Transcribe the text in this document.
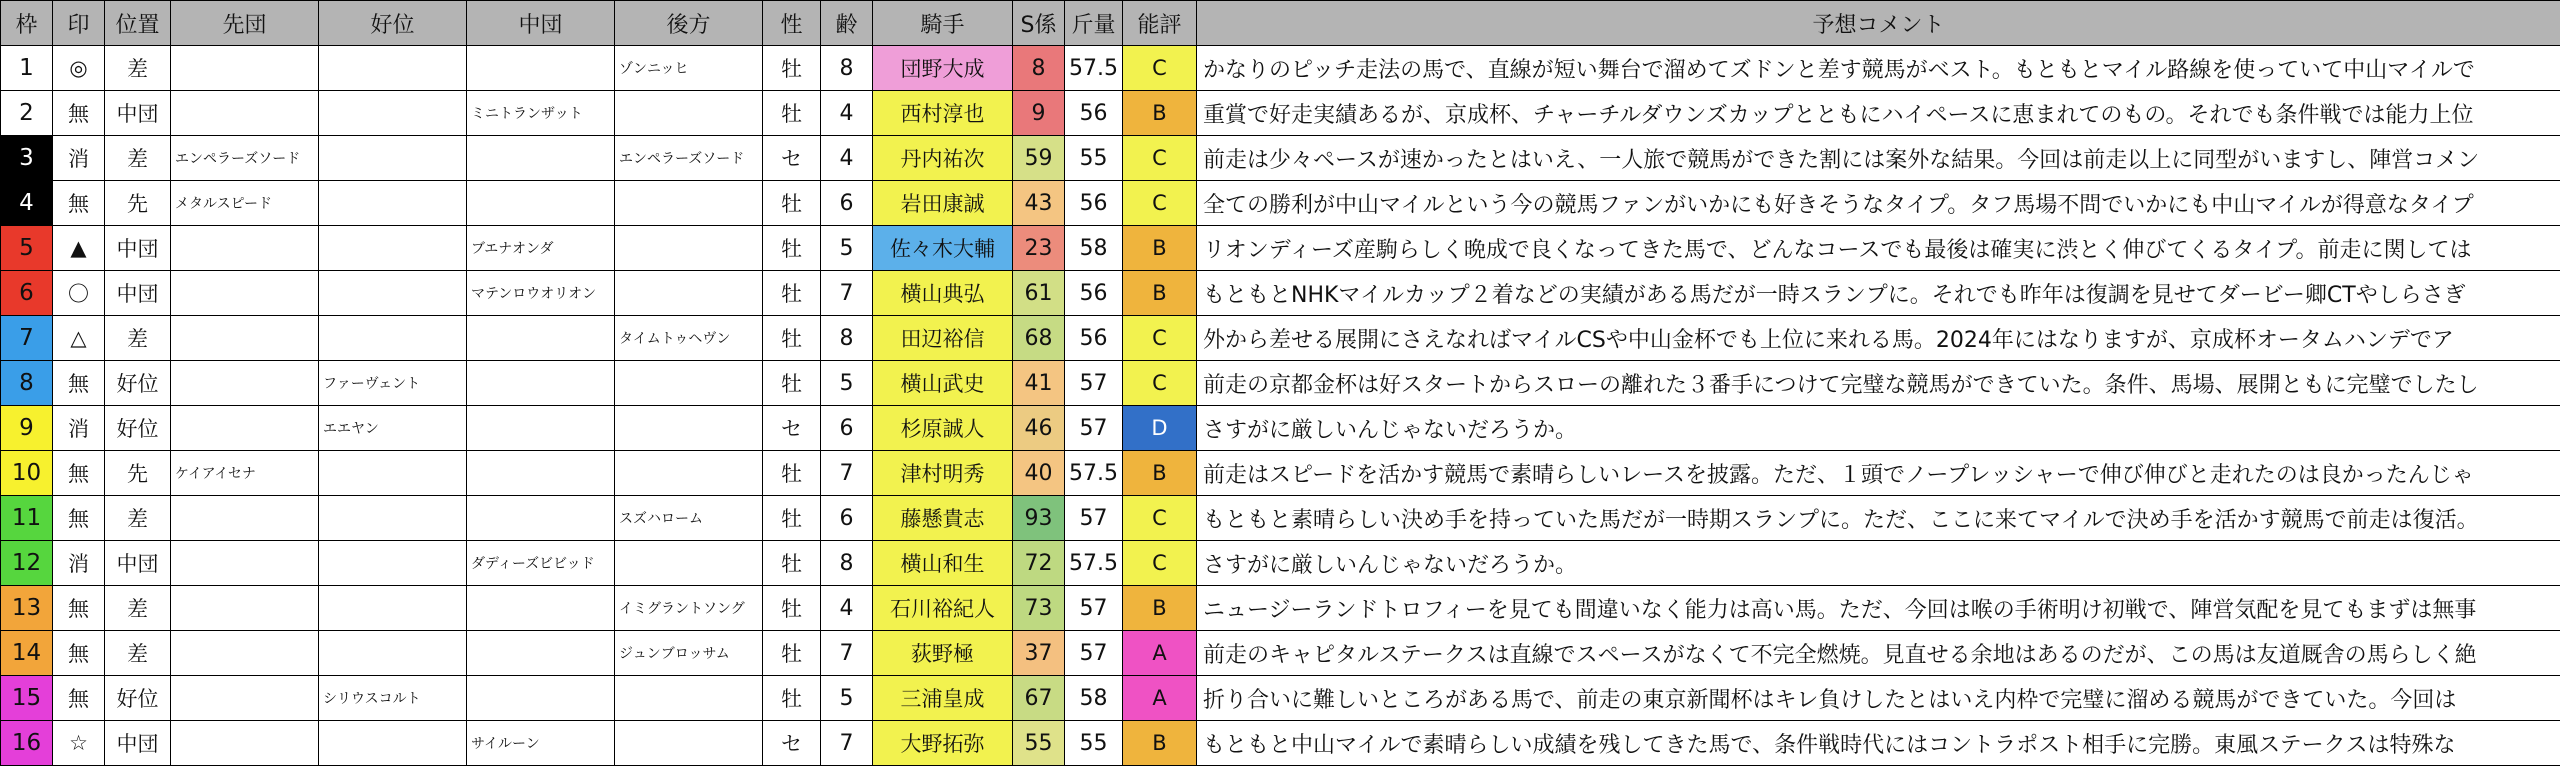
枠	印	位置	先団	好位	中団	後方	性	齢	騎手	S係	斤量	能評	予想コメント
1	◎	差				ゾンニッヒ	牡	8	団野大成	8	57.5	C	かなりのピッチ走法の馬で、直線が短い舞台で溜めてズドンと差す競馬がベスト。もともとマイル路線を使っていて中山マイルで
2	無	中団			ミニトランザット		牡	4	西村淳也	9	56	B	重賞で好走実績あるが、京成杯、チャーチルダウンズカップとともにハイペースに恵まれてのもの。それでも条件戦では能力上位
3	消	差	エンペラーズソード			エンペラーズソード	セ	4	丹内祐次	59	55	C	前走は少々ペースが速かったとはいえ、一人旅で競馬ができた割には案外な結果。今回は前走以上に同型がいますし、陣営コメン
4	無	先	メタルスピード				牡	6	岩田康誠	43	56	C	全ての勝利が中山マイルという今の競馬ファンがいかにも好きそうなタイプ。タフ馬場不問でいかにも中山マイルが得意なタイプ
5	▲	中団			ブエナオンダ		牡	5	佐々木大輔	23	58	B	リオンディーズ産駒らしく晩成で良くなってきた馬で、どんなコースでも最後は確実に渋とく伸びてくるタイプ。前走に関しては
6	〇	中団			マテンロウオリオン		牡	7	横山典弘	61	56	B	もともとNHKマイルカップ２着などの実績がある馬だが一時スランプに。それでも昨年は復調を見せてダービー卿CTやしらさぎ
7	△	差				タイムトゥヘヴン	牡	8	田辺裕信	68	56	C	外から差せる展開にさえなればマイルCSや中山金杯でも上位に来れる馬。2024年にはなりますが、京成杯オータムハンデでア
8	無	好位		ファーヴェント			牡	5	横山武史	41	57	C	前走の京都金杯は好スタートからスローの離れた３番手につけて完璧な競馬ができていた。条件、馬場、展開ともに完璧でしたし
9	消	好位		エエヤン			セ	6	杉原誠人	46	57	D	さすがに厳しいんじゃないだろうか。
10	無	先	ケイアイセナ				牡	7	津村明秀	40	57.5	B	前走はスピードを活かす競馬で素晴らしいレースを披露。ただ、１頭でノープレッシャーで伸び伸びと走れたのは良かったんじゃ
11	無	差				スズハローム	牡	6	藤懸貴志	93	57	C	もともと素晴らしい決め手を持っていた馬だが一時期スランプに。ただ、ここに来てマイルで決め手を活かす競馬で前走は復活。
12	消	中団			ダディーズビビッド		牡	8	横山和生	72	57.5	C	さすがに厳しいんじゃないだろうか。
13	無	差				イミグラントソング	牡	4	石川裕紀人	73	57	B	ニュージーランドトロフィーを見ても間違いなく能力は高い馬。ただ、今回は喉の手術明け初戦で、陣営気配を見てもまずは無事
14	無	差				ジュンブロッサム	牡	7	荻野極	37	57	A	前走のキャピタルステークスは直線でスペースがなくて不完全燃焼。見直せる余地はあるのだが、この馬は友道厩舎の馬らしく絶
15	無	好位		シリウスコルト			牡	5	三浦皇成	67	58	A	折り合いに難しいところがある馬で、前走の東京新聞杯はキレ負けしたとはいえ内枠で完璧に溜める競馬ができていた。今回は
16	☆	中団			サイルーン		セ	7	大野拓弥	55	55	B	もともと中山マイルで素晴らしい成績を残してきた馬で、条件戦時代にはコントラポスト相手に完勝。東風ステークスは特殊な
